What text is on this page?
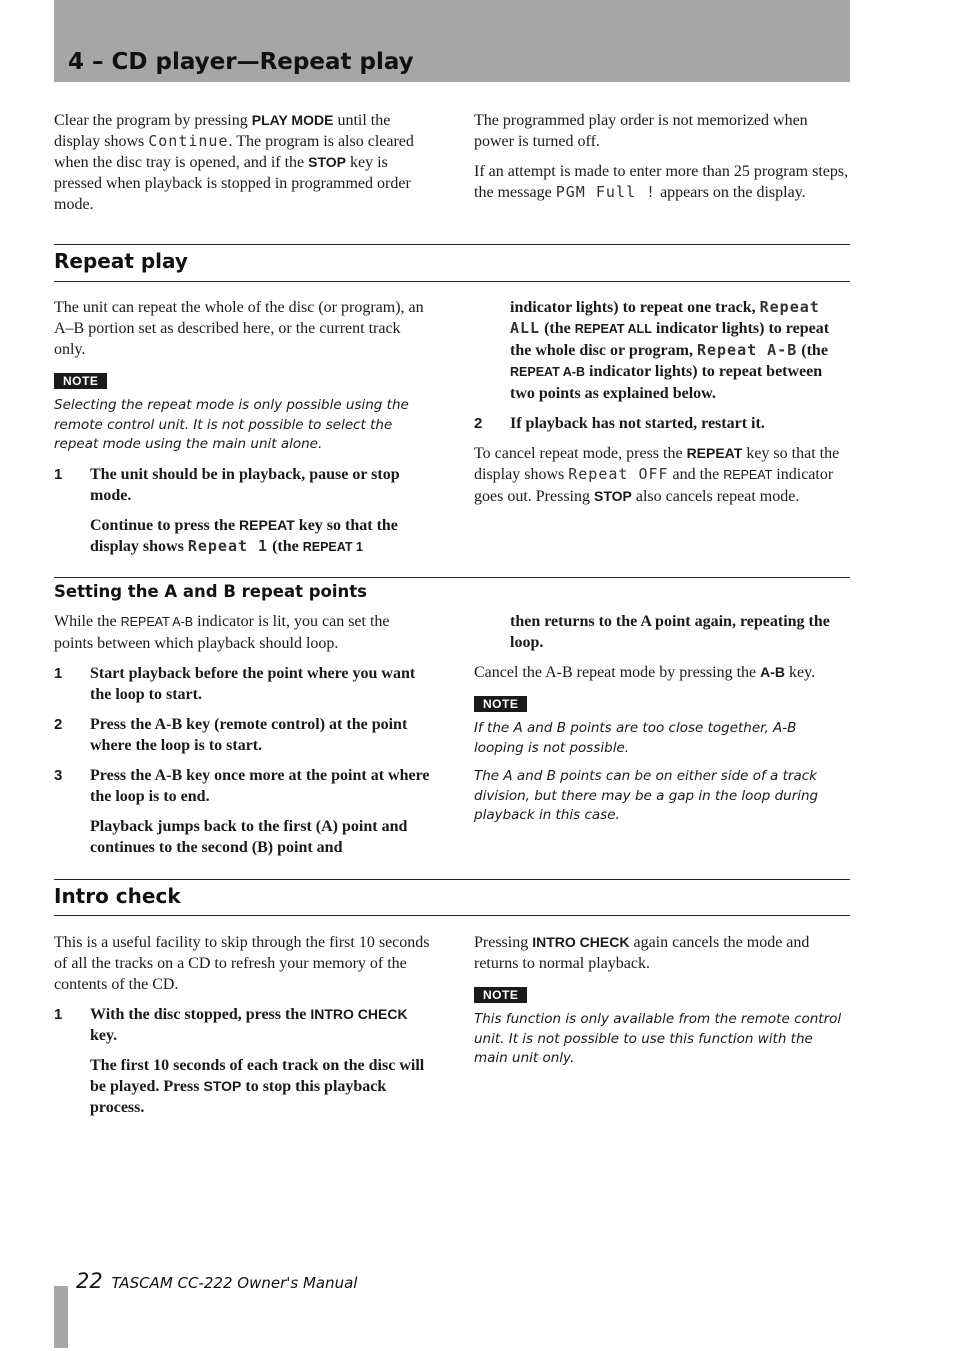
4 – CD player—Repeat play

Clear the program by pressing PLAY MODE until the display shows Continue. The program is also cleared when the disc tray is opened, and if the STOP key is pressed when playback is stopped in programmed order mode.

The programmed play order is not memorized when power is turned off.

If an attempt is made to enter more than 25 program steps, the message PGM Full ! appears on the display.

Repeat play

The unit can repeat the whole of the disc (or program), an A–B portion set as described here, or the current track only.

NOTE

Selecting the repeat mode is only possible using the remote control unit. It is not possible to select the repeat mode using the main unit alone.

1 The unit should be in playback, pause or stop mode.
Continue to press the REPEAT key so that the display shows Repeat 1 (the REPEAT 1
indicator lights) to repeat one track, Repeat ALL (the REPEAT ALL indicator lights) to repeat the whole disc or program, Repeat A-B (the REPEAT A-B indicator lights) to repeat between two points as explained below.
2 If playback has not started, restart it.

To cancel repeat mode, press the REPEAT key so that the display shows Repeat OFF and the REPEAT indicator goes out. Pressing STOP also cancels repeat mode.

Setting the A and B repeat points

While the REPEAT A-B indicator is lit, you can set the points between which playback should loop.

1 Start playback before the point where you want the loop to start.
2 Press the A-B key (remote control) at the point where the loop is to start.
3 Press the A-B key once more at the point at where the loop is to end.
Playback jumps back to the first (A) point and continues to the second (B) point and
then returns to the A point again, repeating the loop.

Cancel the A-B repeat mode by pressing the A-B key.

NOTE

If the A and B points are too close together, A-B looping is not possible.

The A and B points can be on either side of a track division, but there may be a gap in the loop during playback in this case.

Intro check

This is a useful facility to skip through the first 10 seconds of all the tracks on a CD to refresh your memory of the contents of the CD.

1 With the disc stopped, press the INTRO CHECK key.
The first 10 seconds of each track on the disc will be played. Press STOP to stop this playback process.

Pressing INTRO CHECK again cancels the mode and returns to normal playback.

NOTE

This function is only available from the remote control unit. It is not possible to use this function with the main unit only.

22 TASCAM CC-222 Owner's Manual
